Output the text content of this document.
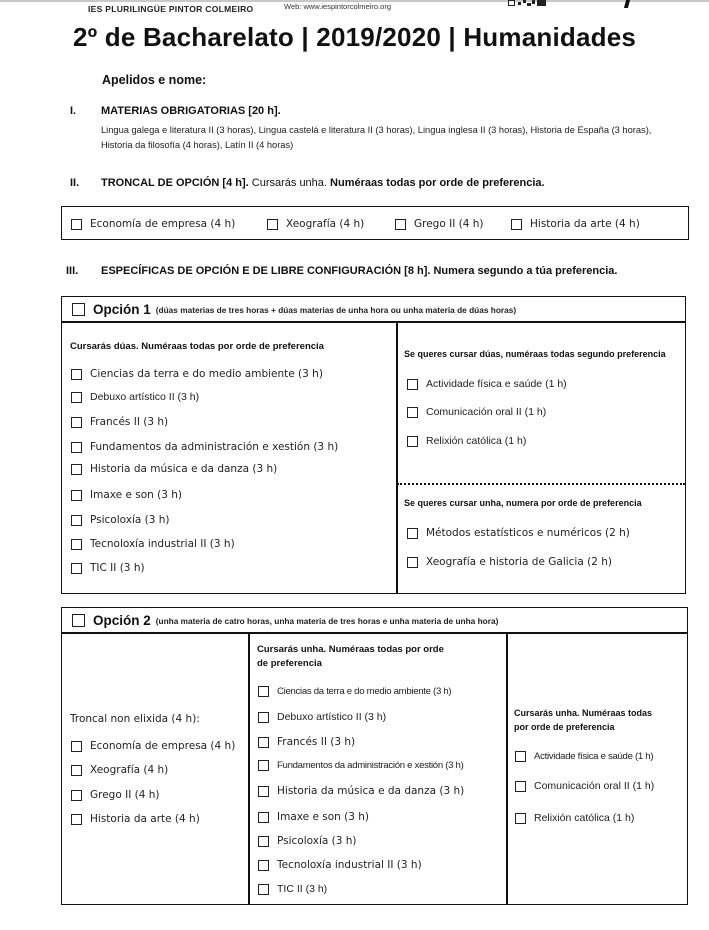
IES PLURILINGÜE PINTOR COLMEIRO	Web: www.iespintorcolmeiro.org
2º de Bacharelato | 2019/2020 | Humanidades
Apelidos e nome:
I. MATERIAS OBRIGATORIAS [20 h].
Lingua galega e literatura II (3 horas), Lingua castelá e literatura II (3 horas), Lingua inglesa II (3 horas), Historia de España (3 horas), Historia da filosofía (4 horas), Latín II (4 horas)
II. TRONCAL DE OPCIÓN [4 h]. Cursarás unha. Numéraas todas por orde de preferencia.
Economía de empresa (4 h)	Xeografía (4 h)	Grego II (4 h)	Historia da arte (4 h)
III. ESPECÍFICAS DE OPCIÓN E DE LIBRE CONFIGURACIÓN [8 h]. Numera segundo a túa preferencia.
Opción 1 (dúas materias de tres horas + dúas materias de unha hora ou unha materia de dúas horas)
Cursarás dúas. Numéraas todas por orde de preferencia
Ciencias da terra e do medio ambiente (3 h)
Debuxo artístico II (3 h)
Francés II (3 h)
Fundamentos da administración e xestión (3 h)
Historia da música e da danza (3 h)
Imaxe e son (3 h)
Psicoloxía (3 h)
Tecnoloxía industrial II (3 h)
TIC II (3 h)
Se queres cursar dúas, numéraas todas segundo preferencia
Actividade física e saúde (1 h)
Comunicación oral II (1 h)
Relixión católica (1 h)
Se queres cursar unha, numera por orde de preferencia
Métodos estatísticos e numéricos (2 h)
Xeografía e historia de Galicia (2 h)
Opción 2 (unha materia de catro horas, unha materia de tres horas e unha materia de unha hora)
Troncal non elixida (4 h):
Economía de empresa (4 h)
Xeografía (4 h)
Grego II (4 h)
Historia da arte (4 h)
Cursarás unha. Numéraas todas por orde
de preferencia
Ciencias da terra e do medio ambiente (3 h)
Debuxo artístico II (3 h)
Francés II (3 h)
Fundamentos da administración e xestión (3 h)
Historia da música e da danza (3 h)
Imaxe e son (3 h)
Psicoloxía (3 h)
Tecnoloxía industrial II (3 h)
TIC II (3 h)
Cursarás unha. Numéraas todas
por orde de preferencia
Actividade física e saúde (1 h)
Comunicación oral II (1 h)
Relixión católica (1 h)
